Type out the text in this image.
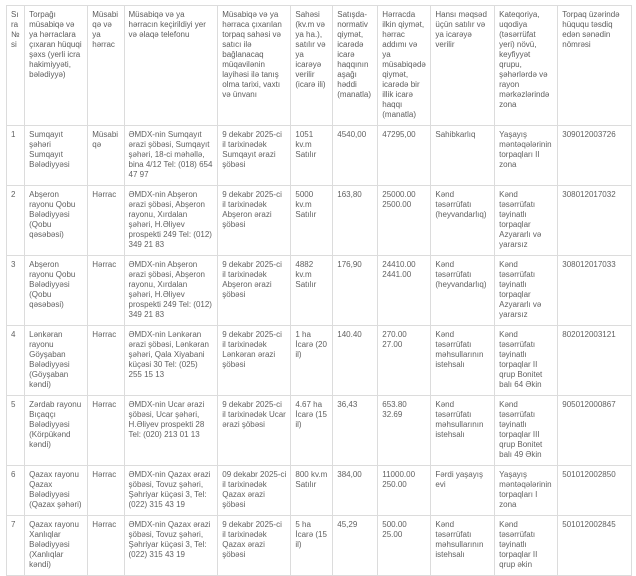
Sıra № si	Torpağı müsabiqə və ya hərraclara çıxaran hüquqi şəxs (yerli icra hakimiyyəti, bələdiyyə)	Müsabiqə və ya hərrac	Müsabiqə və ya hərracın keçirildiyi yer və əlaqə telefonu	Müsabiqə və ya hərraca çıxarılan torpaq sahəsi və satıcı ilə bağlanacaq müqavilənin layihəsi ilə tanış olma tarixi, vaxtı və ünvanı	Sahəsi (kv.m və ya ha.), satılır və ya icarəyə verilir (icarə ili)	Satışda-normativ qiymət, icarədə icarə haqqının aşağı həddi (manatla)	Hərracda ilkin qiymət, hərrac addımı və ya müsabiqədə qiymət, icarədə bir illik icarə haqqı (manatla)	Hansı məqsəd üçün satılır və ya icarəyə verilir	Kateqoriya, uqodiya (təsərrüfat yeri) növü, keyfiyyət qrupu, şəhərlərdə və rayon mərkəzlərində zona	Torpaq üzərində hüququ təsdiq edən sənədin nömrəsi
1	Sumqayıt şəhəri Sumqayıt Bələdiyyəsi	Müsabiqə	ƏMDX-nin Sumqayıt ərazi şöbəsi, Sumqayıt şəhəri, 18-ci məhəllə, bina 4/12 Tel: (018) 654 47 97	9 dekabr 2025-ci il tarixinədək Sumqayıt ərazi şöbəsi	1051 kv.m Satılır	4540,00	47295,00	Sahibkarlıq	Yaşayış məntəqələrinin torpaqları II zona	309012003726
2	Abşeron rayonu Qobu Bələdiyyəsi (Qobu qəsəbəsi)	Hərrac	ƏMDX-nin Abşeron ərazi şöbəsi, Abşeron rayonu, Xırdalan şəhəri, H.Əliyev prospekti 249 Tel: (012) 349 21 83	9 dekabr 2025-ci il tarixinədək Abşeron ərazi şöbəsi	5000 kv.m Satılır	163,80	25000.00 2500.00	Kənd təsərrüfatı (heyvandarlıq)	Kənd təsərrüfatı təyinatlı torpaqlar Azyararlı və yararsız	308012017032
3	Abşeron rayonu Qobu Bələdiyyəsi (Qobu qəsəbəsi)	Hərrac	ƏMDX-nin Abşeron ərazi şöbəsi, Abşeron rayonu, Xırdalan şəhəri, H.Əliyev prospekti 249 Tel: (012) 349 21 83	9 dekabr 2025-ci il tarixinədək Abşeron ərazi şöbəsi	4882 kv.m Satılır	176,90	24410.00 2441.00	Kənd təsərrüfatı (heyvandarlıq)	Kənd təsərrüfatı təyinatlı torpaqlar Azyararlı və yararsız	308012017033
4	Lənkəran rayonu Göyşaban Bələdiyyəsi (Göyşaban kəndi)	Hərrac	ƏMDX-nin Lənkəran ərazi şöbəsi, Lənkəran şəhəri, Qala Xiyabani küçəsi 30 Tel: (025) 255 15 13	9 dekabr 2025-ci il tarixinədək Lənkəran ərazi şöbəsi	1 ha İcarə (20 il)	140.40	270.00 27.00	Kənd təsərrüfatı məhsullarının istehsalı	Kənd təsərrüfatı təyinatlı torpaqlar II qrup Bonitet balı 64 Əkin	802012003121
5	Zərdab rayonu Bıçaqçı Bələdiyyəsi (Körpükənd kəndi)	Hərrac	ƏMDX-nin Ucar ərazi şöbəsi, Ucar şəhəri, H.Əliyev prospekti 28 Tel: (020) 213 01 13	9 dekabr 2025-ci il tarixinədək Ucar ərazi şöbəsi	4.67 ha İcarə (15 il)	36,43	653.80 32.69	Kənd təsərrüfatı məhsullarının istehsalı	Kənd təsərrüfatı təyinatlı torpaqlar III qrup Bonitet balı 49 Əkin	905012000867
6	Qazax rayonu Qazax Bələdiyyəsi (Qazax şəhəri)	Hərrac	ƏMDX-nin Qazax ərazi şöbəsi, Tovuz şəhəri, Şəhriyar küçəsi 3, Tel: (022) 315 43 19	09 dekabr 2025-ci il tarixinədək Qazax ərazi şöbəsi	800 kv.m Satılır	384,00	11000.00 250.00	Fərdi yaşayış evi	Yaşayış məntəqələrinin torpaqları I zona	501012002850
7	Qazax rayonu Xanlıqlar Bələdiyyəsi (Xanlıqlar kəndi)	Hərrac	ƏMDX-nin Qazax ərazi şöbəsi, Tovuz şəhəri, Şəhriyar küçəsi 3, Tel: (022) 315 43 19	9 dekabr 2025-ci il tarixinədək Qazax ərazi şöbəsi	5 ha İcarə (15 il)	45,29	500.00 25.00	Kənd təsərrüfatı məhsullarının istehsalı	Kənd təsərrüfatı təyinatlı torpaqlar II qrup əkin	501012002845
